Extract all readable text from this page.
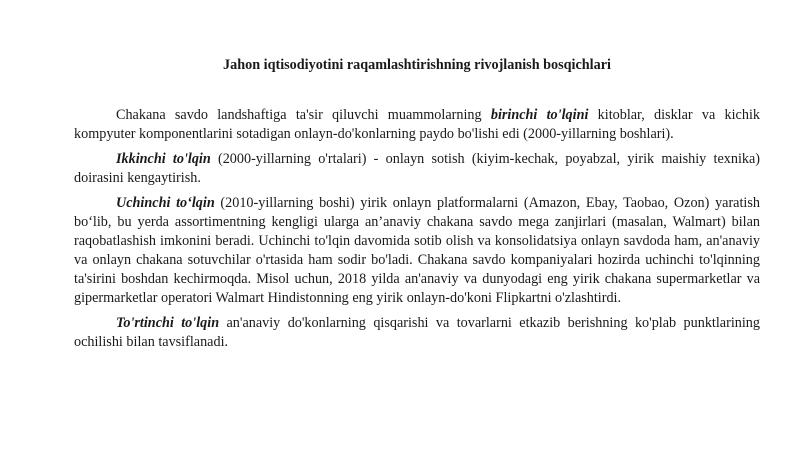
Jahon iqtisodiyotini raqamlashtirishning rivojlanish bosqichlari

Chakana savdo landshaftiga ta'sir qiluvchi muammolarning birinchi to'lqini kitoblar, disklar va kichik kompyuter komponentlarini sotadigan onlayn-do'konlarning paydo bo'lishi edi (2000-yillarning boshlari).

Ikkinchi to'lqin (2000-yillarning o'rtalari) - onlayn sotish (kiyim-kechak, poyabzal, yirik maishiy texnika) doirasini kengaytirish.

Uchinchi to‘lqin (2010-yillarning boshi) yirik onlayn platformalarni (Amazon, Ebay, Taobao, Ozon) yaratish bo‘lib, bu yerda assortimentning kengligi ularga an’anaviy chakana savdo mega zanjirlari (masalan, Walmart) bilan raqobatlashish imkonini beradi. Uchinchi to'lqin davomida sotib olish va konsolidatsiya onlayn savdoda ham, an'anaviy va onlayn chakana sotuvchilar o'rtasida ham sodir bo'ladi. Chakana savdo kompaniyalari hozirda uchinchi to'lqinning ta'sirini boshdan kechirmoqda. Misol uchun, 2018 yilda an'anaviy va dunyodagi eng yirik chakana supermarketlar va gipermarketlar operatori Walmart Hindistonning eng yirik onlayn-do'koni Flipkartni o'zlashtirdi.

To'rtinchi to'lqin an'anaviy do'konlarning qisqarishi va tovarlarni etkazib berishning ko'plab punktlarining ochilishi bilan tavsiflanadi.
